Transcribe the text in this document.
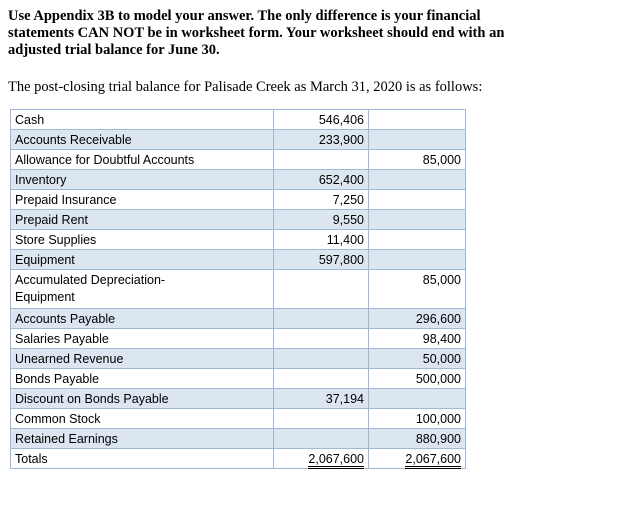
Use Appendix 3B to model your answer. The only difference is your financial
statements CAN NOT be in worksheet form. Your worksheet should end with an
adjusted trial balance for June 30.
The post-closing trial balance for Palisade Creek as March 31, 2020 is as follows:
Cash	546,406	
Accounts Receivable	233,900	
Allowance for Doubtful Accounts		85,000
Inventory	652,400	
Prepaid Insurance	7,250	
Prepaid Rent	9,550	
Store Supplies	11,400	
Equipment	597,800	

Accumulated Depreciation-
Equipment		85,000
Accounts Payable		296,600
Salaries Payable		98,400
Unearned Revenue		50,000
Bonds Payable		500,000
Discount on Bonds Payable	37,194	
Common Stock		100,000
Retained Earnings		880,900
Totals	2,067,600	2,067,600
